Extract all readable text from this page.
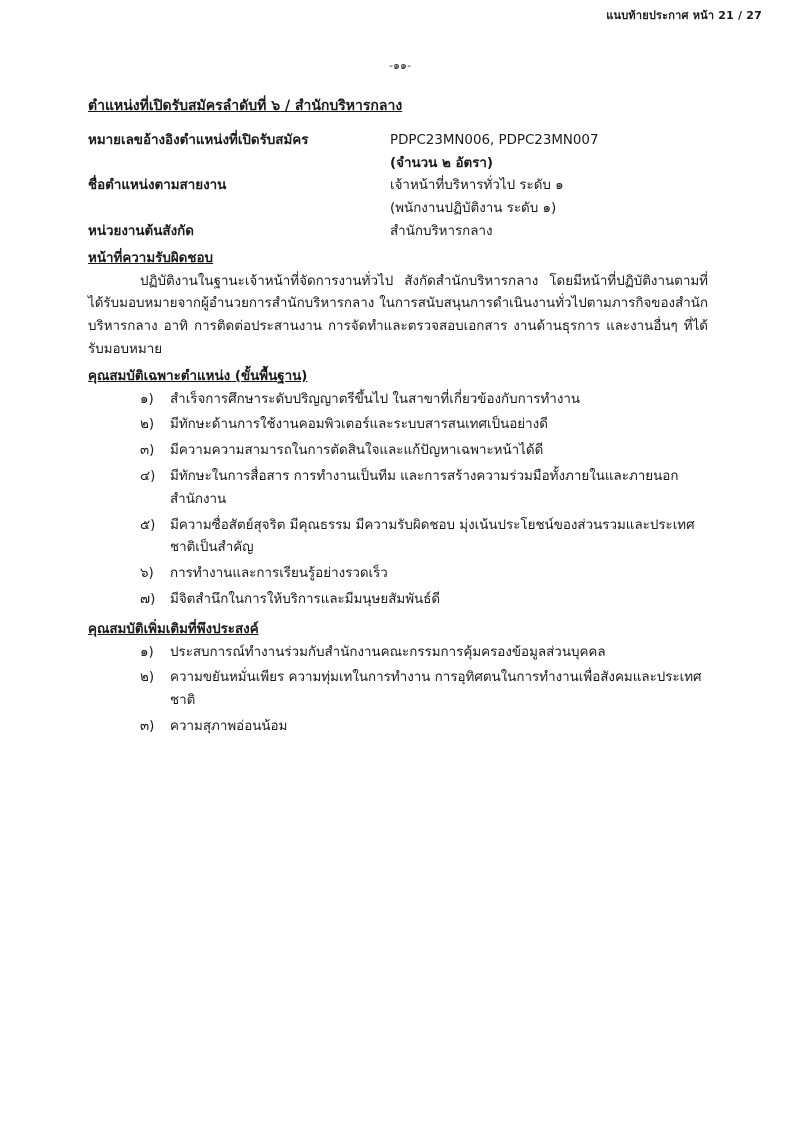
แนบท้ายประกาศ หน้า 21 / 27
-๑๑-
ตำแหน่งที่เปิดรับสมัครลำดับที่ ๖ / สำนักบริหารกลาง
หมายเลขอ้างอิงตำแหน่งที่เปิดรับสมัคร	PDPC23MN006, PDPC23MN007
(จำนวน ๒ อัตรา)
ชื่อตำแหน่งตามสายงาน	เจ้าหน้าที่บริหารทั่วไป ระดับ ๑
(พนักงานปฏิบัติงาน ระดับ ๑)
หน่วยงานต้นสังกัด	สำนักบริหารกลาง
หน้าที่ความรับผิดชอบ

ปฏิบัติงานในฐานะเจ้าหน้าที่จัดการงานทั่วไป สังกัดสำนักบริหารกลาง โดยมีหน้าที่ปฏิบัติงานตามที่ได้รับมอบหมายจากผู้อำนวยการสำนักบริหารกลาง ในการสนับสนุนการดำเนินงานทั่วไปตามภารกิจของสำนักบริหารกลาง อาทิ การติดต่อประสานงาน การจัดทำและตรวจสอบเอกสาร งานด้านธุรการ และงานอื่นๆ ที่ได้รับมอบหมาย

คุณสมบัติเฉพาะตำแหน่ง (ขั้นพื้นฐาน)
๑)	สำเร็จการศึกษาระดับปริญญาตรีขึ้นไป ในสาขาที่เกี่ยวข้องกับการทำงาน
๒)	มีทักษะด้านการใช้งานคอมพิวเตอร์และระบบสารสนเทศเป็นอย่างดี
๓)	มีความความสามารถในการตัดสินใจและแก้ปัญหาเฉพาะหน้าได้ดี
๔)	มีทักษะในการสื่อสาร การทำงานเป็นทีม และการสร้างความร่วมมือทั้งภายในและภายนอกสำนักงาน
๕)	มีความซื่อสัตย์สุจริต มีคุณธรรม มีความรับผิดชอบ มุ่งเน้นประโยชน์ของส่วนรวมและประเทศชาติเป็นสำคัญ
๖)	การทำงานและการเรียนรู้อย่างรวดเร็ว
๗)	มีจิตสำนึกในการให้บริการและมีมนุษยสัมพันธ์ดี
คุณสมบัติเพิ่มเติมที่พึงประสงค์
๑)	ประสบการณ์ทำงานร่วมกับสำนักงานคณะกรรมการคุ้มครองข้อมูลส่วนบุคคล
๒)	ความขยันหมั่นเพียร ความทุ่มเทในการทำงาน การอุทิศตนในการทำงานเพื่อสังคมและประเทศชาติ
๓)	ความสุภาพอ่อนน้อม
